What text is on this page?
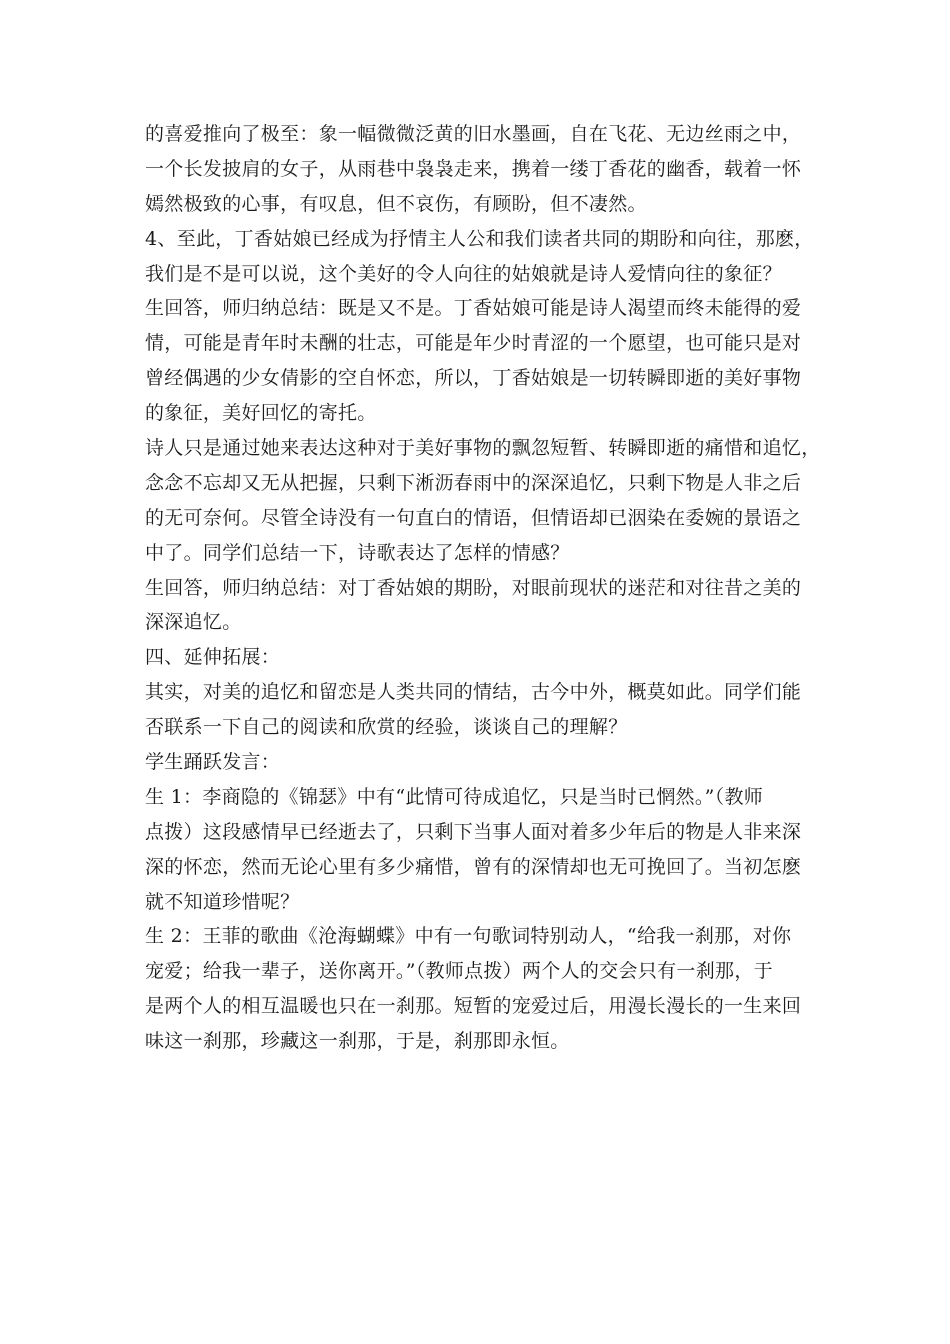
的喜爱推向了极至：象一幅微微泛黄的旧水墨画，自在飞花、无边丝雨之中，
一个长发披肩的女子，从雨巷中袅袅走来，携着一缕丁香花的幽香，载着一怀
嫣然极致的心事，有叹息，但不哀伤，有顾盼，但不凄然。
4、至此，丁香姑娘已经成为抒情主人公和我们读者共同的期盼和向往，那麽，
我们是不是可以说，这个美好的令人向往的姑娘就是诗人爱情向往的象征？
生回答，师归纳总结：既是又不是。丁香姑娘可能是诗人渴望而终未能得的爱
情，可能是青年时未酬的壮志，可能是年少时青涩的一个愿望，也可能只是对
曾经偶遇的少女倩影的空自怀恋，所以，丁香姑娘是一切转瞬即逝的美好事物
的象征，美好回忆的寄托。
诗人只是通过她来表达这种对于美好事物的飘忽短暂、转瞬即逝的痛惜和追忆，
念念不忘却又无从把握，只剩下淅沥春雨中的深深追忆，只剩下物是人非之后
的无可奈何。尽管全诗没有一句直白的情语，但情语却已洇染在委婉的景语之
中了。同学们总结一下，诗歌表达了怎样的情感？
生回答，师归纳总结：对丁香姑娘的期盼，对眼前现状的迷茫和对往昔之美的
深深追忆。
四、延伸拓展：
其实，对美的追忆和留恋是人类共同的情结，古今中外，概莫如此。同学们能
否联系一下自己的阅读和欣赏的经验，谈谈自己的理解？
学生踊跃发言：
生 1：李商隐的《锦瑟》中有“此情可待成追忆，只是当时已惘然。”（教师
点拨）这段感情早已经逝去了，只剩下当事人面对着多少年后的物是人非来深
深的怀恋，然而无论心里有多少痛惜，曾有的深情却也无可挽回了。当初怎麽
就不知道珍惜呢？
生 2：王菲的歌曲《沧海蝴蝶》中有一句歌词特别动人，“给我一刹那，对你
宠爱；给我一辈子，送你离开。”（教师点拨）两个人的交会只有一刹那，于
是两个人的相互温暖也只在一刹那。短暂的宠爱过后，用漫长漫长的一生来回
味这一刹那，珍藏这一刹那，于是，刹那即永恒。
